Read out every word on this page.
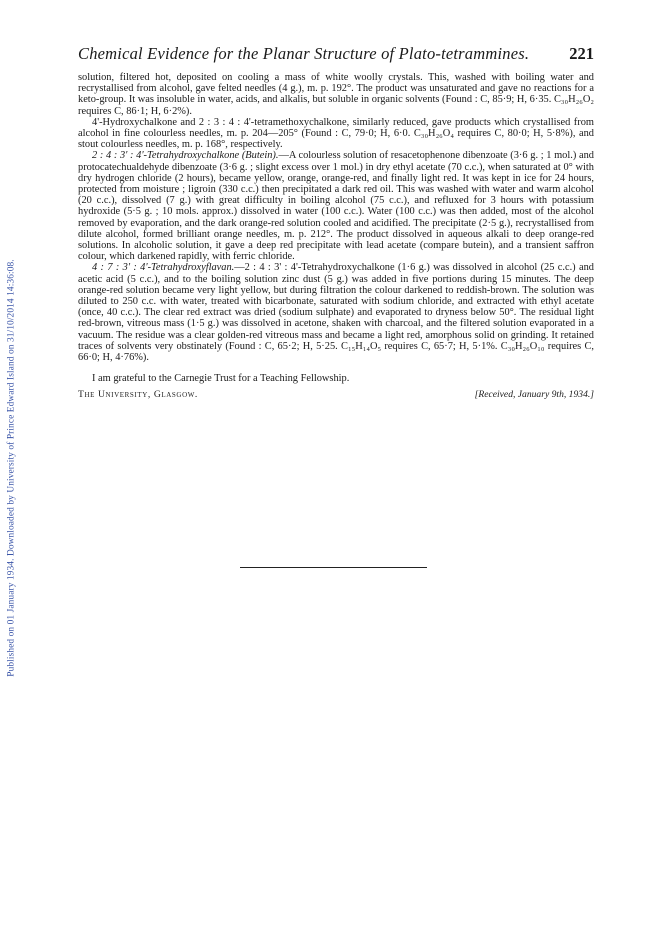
Published on 01 January 1934. Downloaded by University of Prince Edward Island on 31/10/2014 14:36:08.
Chemical Evidence for the Planar Structure of Plato-tetrammines. 221

solution, filtered hot, deposited on cooling a mass of white woolly crystals. This, washed with boiling water and recrystallised from alcohol, gave felted needles (4 g.), m. p. 192°. The product was unsaturated and gave no reactions for a keto-group. It was insoluble in water, acids, and alkalis, but soluble in organic solvents (Found : C, 85·9; H, 6·35. C₃₀H₂₆O₂ requires C, 86·1; H, 6·2%).

4'-Hydroxychalkone and 2 : 3 : 4 : 4'-tetramethoxychalkone, similarly reduced, gave products which crystallised from alcohol in fine colourless needles, m. p. 204—205° (Found : C, 79·0; H, 6·0. C₃₀H₂₆O₄ requires C, 80·0; H, 5·8%), and stout colourless needles, m. p. 168°, respectively.

2 : 4 : 3' : 4'-Tetrahydroxychalkone (Butein).—A colourless solution of resacetophenone dibenzoate (3·6 g. ; 1 mol.) and protocatechualdehyde dibenzoate (3·6 g. ; slight excess over 1 mol.) in dry ethyl acetate (70 c.c.), when saturated at 0° with dry hydrogen chloride (2 hours), became yellow, orange, orange-red, and finally light red. It was kept in ice for 24 hours, protected from moisture ; ligroin (330 c.c.) then precipitated a dark red oil. This was washed with water and warm alcohol (20 c.c.), dissolved (7 g.) with great difficulty in boiling alcohol (75 c.c.), and refluxed for 3 hours with potassium hydroxide (5·5 g. ; 10 mols. approx.) dissolved in water (100 c.c.). Water (100 c.c.) was then added, most of the alcohol removed by evaporation, and the dark orange-red solution cooled and acidified. The precipitate (2·5 g.), recrystallised from dilute alcohol, formed brilliant orange needles, m. p. 212°. The product dissolved in aqueous alkali to deep orange-red solutions. In alcoholic solution, it gave a deep red precipitate with lead acetate (compare butein), and a transient saffron colour, which darkened rapidly, with ferric chloride.

4 : 7 : 3' : 4'-Tetrahydroxyflavan.—2 : 4 : 3' : 4'-Tetrahydroxychalkone (1·6 g.) was dissolved in alcohol (25 c.c.) and acetic acid (5 c.c.), and to the boiling solution zinc dust (5 g.) was added in five portions during 15 minutes. The deep orange-red solution became very light yellow, but during filtration the colour darkened to reddish-brown. The solution was diluted to 250 c.c. with water, treated with bicarbonate, saturated with sodium chloride, and extracted with ethyl acetate (once, 40 c.c.). The clear red extract was dried (sodium sulphate) and evaporated to dryness below 50°. The residual light red-brown, vitreous mass (1·5 g.) was dissolved in acetone, shaken with charcoal, and the filtered solution evaporated in a vacuum. The residue was a clear golden-red vitreous mass and became a light red, amorphous solid on grinding. It retained traces of solvents very obstinately (Found : C, 65·2; H, 5·25. C₁₅H₁₄O₅ requires C, 65·7; H, 5·1%. C₃₀H₂₆O₁₀ requires C, 66·0; H, 4·76%).

I am grateful to the Carnegie Trust for a Teaching Fellowship.

The University, Glasgow.	[Received, January 9th, 1934.]
